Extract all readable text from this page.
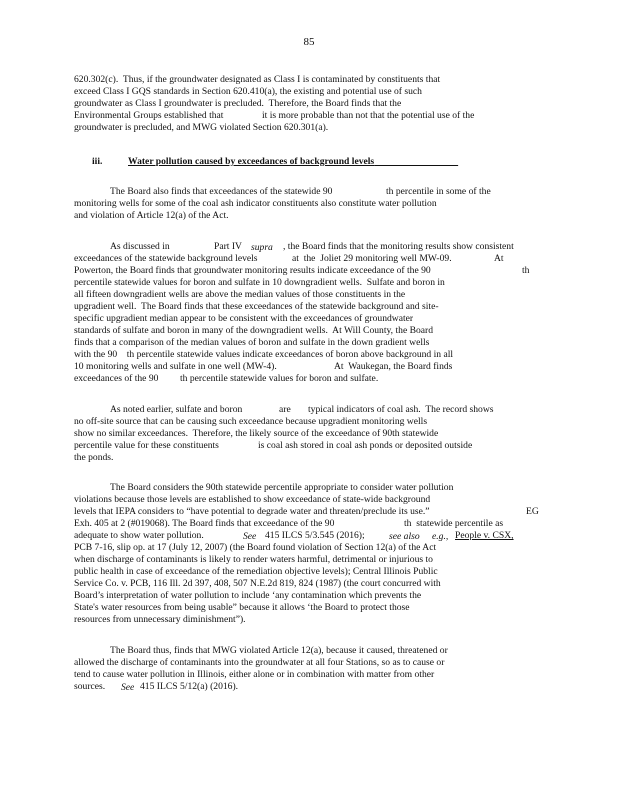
85
620.302(c).  Thus, if the groundwater designated as Class I is contaminated by constituents that
exceed Class I GQS standards in Section 620.410(a), the existing and potential use of such
groundwater as Class I groundwater is precluded.  Therefore, the Board finds that the
Environmental Groups established that	it is more probable than not that the potential use of the
groundwater is precluded, and MWG violated Section 620.301(a).
iii.	Water pollution caused by exceedances of background levels
The Board also finds that exceedances of the statewide 90	th percentile in some of the
monitoring wells for some of the coal ash indicator constituents also constitute water pollution
and violation of Article 12(a) of the Act.
As discussed in	Part IV supra , the Board finds that the monitoring results show consistent
exceedances of the statewide background levels	at  the  Joliet 29 monitoring well MW-09.	At
Powerton, the Board finds that groundwater monitoring results indicate exceedance of the 90	th
percentile statewide values for boron and sulfate in 10 downgradient wells.  Sulfate and boron in
all fifteen downgradient wells are above the median values of those constituents in the
upgradient well.  The Board finds that these exceedances of the statewide background and site-
specific upgradient median appear to be consistent with the exceedances of groundwater
standards of sulfate and boron in many of the downgradient wells.  At Will County, the Board
finds that a comparison of the median values of boron and sulfate in the down gradient wells
with the 90    th percentile statewide values indicate exceedances of boron above background in all
10 monitoring wells and sulfate in one well (MW-4).	At  Waukegan, the Board finds
exceedances of the 90         th percentile statewide values for boron and sulfate.
As noted earlier, sulfate and boron	are typical indicators of coal ash.  The record shows
no off-site source that can be causing such exceedance because upgradient monitoring wells
show no similar exceedances.  Therefore, the likely source of the exceedance of 90th statewide
percentile value for these constituents	is coal ash stored in coal ash ponds or deposited outside
the ponds.
The Board considers the 90th statewide percentile appropriate to consider water pollution
violations because those levels are established to show exceedance of state-wide background
levels that IEPA considers to “have potential to degrade water and threaten/preclude its use.”	EG
Exh. 405 at 2 (#019068). The Board finds that exceedance of the 90	th  statewide percentile as
adequate to show water pollution.	See 415 ILCS 5/3.545 (2016);	see also e.g., People v. CSX,
PCB 7-16, slip op. at 17 (July 12, 2007) (the Board found violation of Section 12(a) of the Act
when discharge of contaminants is likely to render waters harmful, detrimental or injurious to
public health in case of exceedance of the remediation objective levels); Central Illinois Public
Service Co. v. PCB, 116 Ill. 2d 397, 408, 507 N.E.2d 819, 824 (1987) (the court concurred with
Board’s interpretation of water pollution to include ‘any contamination which prevents the
State's water resources from being usable” because it allows ‘the Board to protect those
resources from unnecessary diminishment”).
The Board thus, finds that MWG violated Article 12(a), because it caused, threatened or
allowed the discharge of contaminants into the groundwater at all four Stations, so as to cause or
tend to cause water pollution in Illinois, either alone or in combination with matter from other
sources. See 415 ILCS 5/12(a) (2016).
